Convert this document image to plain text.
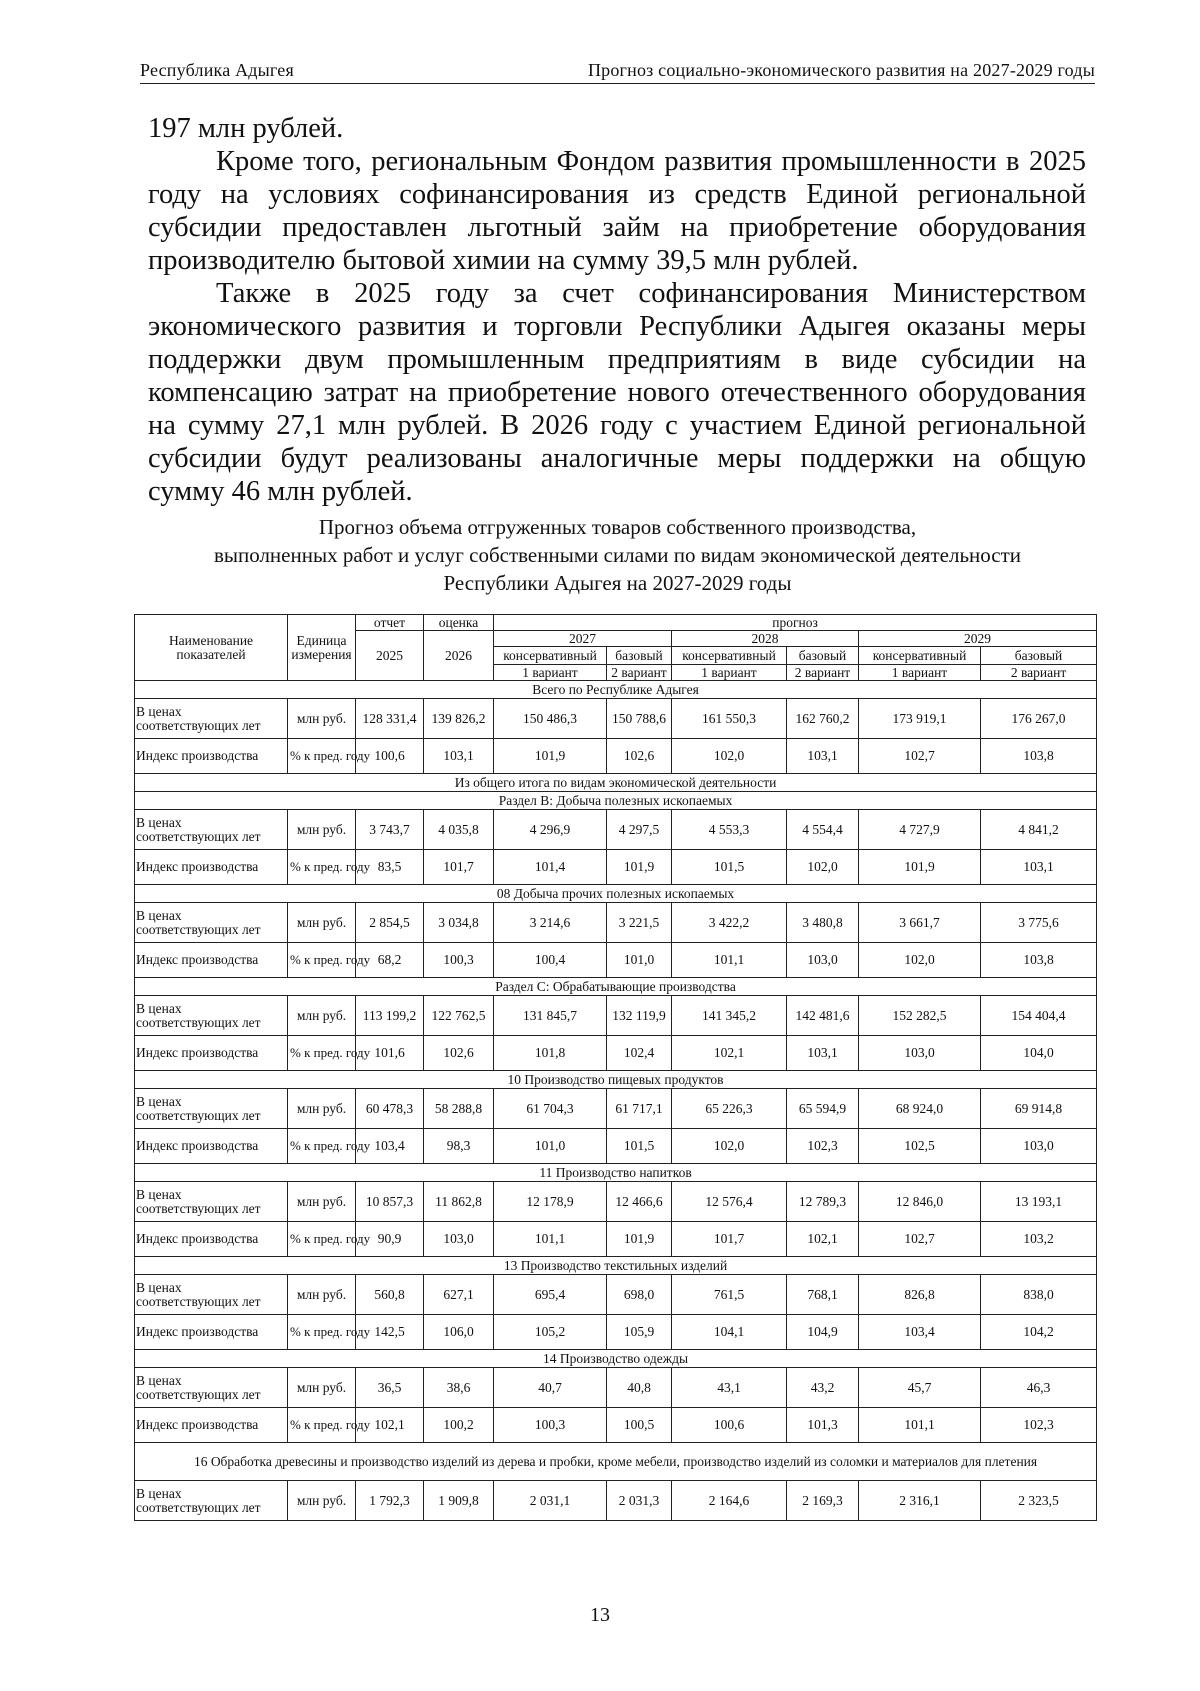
Республика Адыгея	Прогноз социально-экономического развития на 2027-2029 годы

197 млн рублей.

Кроме того, региональным Фондом развития промышленности в 2025 году на условиях софинансирования из средств Единой региональной субсидии предоставлен льготный займ на приобретение оборудования производителю бытовой химии на сумму 39,5 млн рублей.

Также в 2025 году за счет софинансирования Министерством экономического развития и торговли Республики Адыгея оказаны меры поддержки двум промышленным предприятиям в виде субсидии на компенсацию затрат на приобретение нового отечественного оборудования на сумму 27,1 млн рублей. В 2026 году с участием Единой региональной субсидии будут реализованы аналогичные меры поддержки на общую сумму 46 млн рублей.

Прогноз объема отгруженных товаров собственного производства,
выполненных работ и услуг собственными силами по видам экономической деятельности
Республики Адыгея на 2027-2029 годы
Наименование показателей	Единица измерения	отчет	оценка	прогноз					
		2025	2026	2027		2028		2029	
				консервативный	базовый	консервативный	базовый	консервативный	базовый
				1 вариант	2 вариант	1 вариант	2 вариант	1 вариант	2 вариант
Всего по Республике Адыгея									
В ценах соответствующих лет	млн руб.	128 331,4	139 826,2	150 486,3	150 788,6	161 550,3	162 760,2	173 919,1	176 267,0
Индекс производства	% к пред. году	100,6	103,1	101,9	102,6	102,0	103,1	102,7	103,8
Из общего итога по видам экономической деятельности									
Раздел В: Добыча полезных ископаемых									
В ценах соответствующих лет	млн руб.	3 743,7	4 035,8	4 296,9	4 297,5	4 553,3	4 554,4	4 727,9	4 841,2
Индекс производства	% к пред. году	83,5	101,7	101,4	101,9	101,5	102,0	101,9	103,1
08 Добыча прочих полезных ископаемых									
В ценах соответствующих лет	млн руб.	2 854,5	3 034,8	3 214,6	3 221,5	3 422,2	3 480,8	3 661,7	3 775,6
Индекс производства	% к пред. году	68,2	100,3	100,4	101,0	101,1	103,0	102,0	103,8
Раздел С: Обрабатывающие производства									
В ценах соответствующих лет	млн руб.	113 199,2	122 762,5	131 845,7	132 119,9	141 345,2	142 481,6	152 282,5	154 404,4
Индекс производства	% к пред. году	101,6	102,6	101,8	102,4	102,1	103,1	103,0	104,0
10 Производство пищевых продуктов									
В ценах соответствующих лет	млн руб.	60 478,3	58 288,8	61 704,3	61 717,1	65 226,3	65 594,9	68 924,0	69 914,8
Индекс производства	% к пред. году	103,4	98,3	101,0	101,5	102,0	102,3	102,5	103,0
11 Производство напитков									
В ценах соответствующих лет	млн руб.	10 857,3	11 862,8	12 178,9	12 466,6	12 576,4	12 789,3	12 846,0	13 193,1
Индекс производства	% к пред. году	90,9	103,0	101,1	101,9	101,7	102,1	102,7	103,2
13 Производство текстильных изделий									
В ценах соответствующих лет	млн руб.	560,8	627,1	695,4	698,0	761,5	768,1	826,8	838,0
Индекс производства	% к пред. году	142,5	106,0	105,2	105,9	104,1	104,9	103,4	104,2
14 Производство одежды									
В ценах соответствующих лет	млн руб.	36,5	38,6	40,7	40,8	43,1	43,2	45,7	46,3
Индекс производства	% к пред. году	102,1	100,2	100,3	100,5	100,6	101,3	101,1	102,3
16 Обработка древесины и производство изделий из дерева и пробки, кроме мебели, производство изделий из соломки и материалов для плетения									
В ценах соответствующих лет	млн руб.	1 792,3	1 909,8	2 031,1	2 031,3	2 164,6	2 169,3	2 316,1	2 323,5
13
